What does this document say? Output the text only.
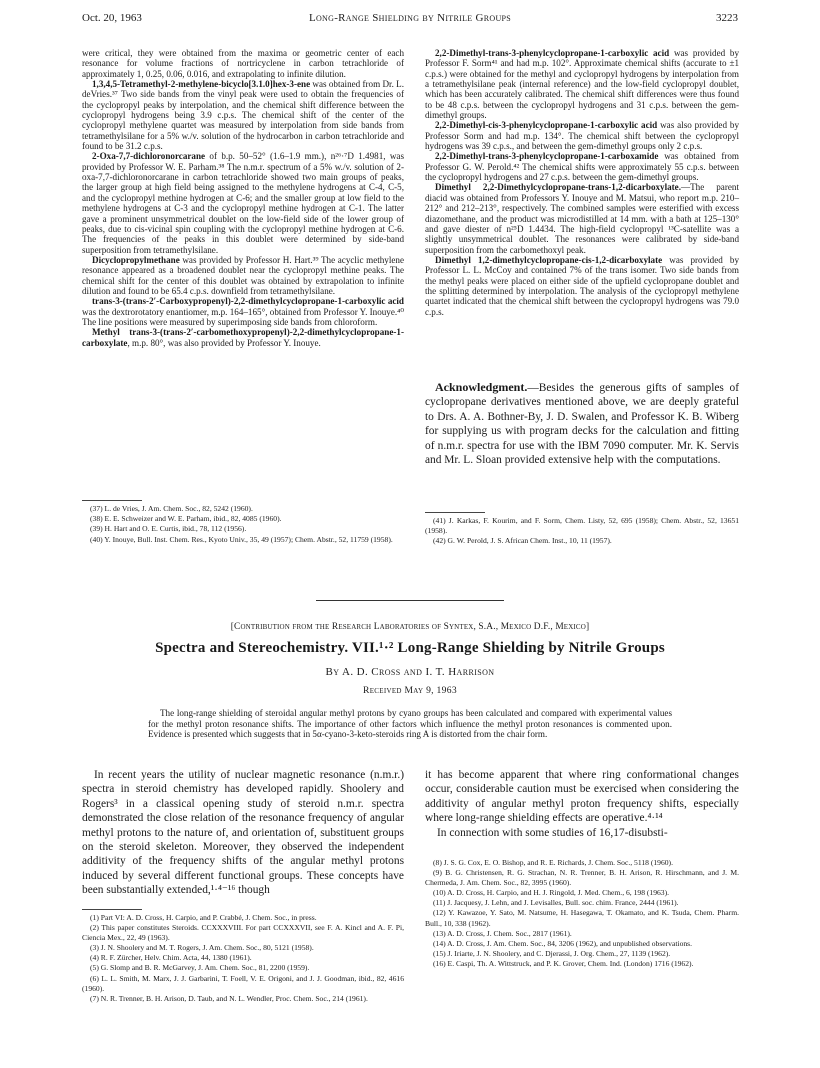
Oct. 20, 1963	Long-Range Shielding by Nitrile Groups	3223

were critical, they were obtained from the maxima or geometric center of each resonance for volume fractions of nortricyclene in carbon tetrachloride of approximately 1, 0.25, 0.06, 0.016, and extrapolating to infinite dilution.

1,3,4,5-Tetramethyl-2-methylene-bicyclo[3.1.0]hex-3-ene was obtained from Dr. L. deVries.³⁷ Two side bands from the vinyl peak were used to obtain the frequencies of the cyclopropyl peaks by interpolation, and the chemical shift difference between the cyclopropyl hydrogens being 3.9 c.p.s. The chemical shift of the center of the cyclopropyl methylene quartet was measured by interpolation from side bands from tetramethylsilane for a 5% w./v. solution of the hydrocarbon in carbon tetrachloride and found to be 31.2 c.p.s.

2-Oxa-7,7-dichloronorcarane of b.p. 50–52° (1.6–1.9 mm.), n²⁶·⁷D 1.4981, was provided by Professor W. E. Parham.³⁸ The n.m.r. spectrum of a 5% w./v. solution of 2-oxa-7,7-dichloronorcarane in carbon tetrachloride showed two main groups of peaks, the larger group at high field being assigned to the methylene hydrogens at C-4, C-5, and the cyclopropyl methine hydrogen at C-6; and the smaller group at low field to the methylene hydrogens at C-3 and the cyclopropyl methine hydrogen at C-1. The latter gave a prominent unsymmetrical doublet on the low-field side of the lower group of peaks, due to cis-vicinal spin coupling with the cyclopropyl methine hydrogen at C-6. The frequencies of the peaks in this doublet were determined by side-band superposition from tetramethylsilane.

Dicyclopropylmethane was provided by Professor H. Hart.³⁹ The acyclic methylene resonance appeared as a broadened doublet near the cyclopropyl methine peaks. The chemical shift for the center of this doublet was obtained by extrapolation to infinite dilution and found to be 65.4 c.p.s. downfield from tetramethylsilane.

trans-3-(trans-2′-Carboxypropenyl)-2,2-dimethylcyclopropane-1-carboxylic acid was the dextrorotatory enantiomer, m.p. 164–165°, obtained from Professor Y. Inouye.⁴⁰ The line positions were measured by superimposing side bands from chloroform.

Methyl trans-3-(trans-2′-carbomethoxypropenyl)-2,2-dimethylcyclopropane-1-carboxylate, m.p. 80°, was also provided by Professor Y. Inouye.

(37) L. de Vries, J. Am. Chem. Soc., 82, 5242 (1960).

(38) E. E. Schweizer and W. E. Parham, ibid., 82, 4085 (1960).

(39) H. Hart and O. E. Curtis, ibid., 78, 112 (1956).

(40) Y. Inouye, Bull. Inst. Chem. Res., Kyoto Univ., 35, 49 (1957); Chem. Abstr., 52, 11759 (1958).

2,2-Dimethyl-trans-3-phenylcyclopropane-1-carboxylic acid was provided by Professor F. Sorm⁴¹ and had m.p. 102°. Approximate chemical shifts (accurate to ±1 c.p.s.) were obtained for the methyl and cyclopropyl hydrogens by interpolation from a tetramethylsilane peak (internal reference) and the low-field cyclopropyl doublet, which has been accurately calibrated. The chemical shift differences were thus found to be 48 c.p.s. between the cyclopropyl hydrogens and 31 c.p.s. between the gem-dimethyl groups.

2,2-Dimethyl-cis-3-phenylcyclopropane-1-carboxylic acid was also provided by Professor Sorm and had m.p. 134°. The chemical shift between the cyclopropyl hydrogens was 39 c.p.s., and between the gem-dimethyl groups only 2 c.p.s.

2,2-Dimethyl-trans-3-phenylcyclopropane-1-carboxamide was obtained from Professor G. W. Perold.⁴² The chemical shifts were approximately 55 c.p.s. between the cyclopropyl hydrogens and 27 c.p.s. between the gem-dimethyl groups.

Dimethyl 2,2-Dimethylcyclopropane-trans-1,2-dicarboxylate.—The parent diacid was obtained from Professors Y. Inouye and M. Matsui, who report m.p. 210–212° and 212–213°, respectively. The combined samples were esterified with excess diazomethane, and the product was microdistilled at 14 mm. with a bath at 125–130° and gave diester of n²⁵D 1.4434. The high-field cyclopropyl ¹³C-satellite was a slightly unsymmetrical doublet. The resonances were calibrated by side-band superposition from the carbomethoxyl peak.

Dimethyl 1,2-dimethylcyclopropane-cis-1,2-dicarboxylate was provided by Professor L. L. McCoy and contained 7% of the trans isomer. Two side bands from the methyl peaks were placed on either side of the upfield cyclopropane doublet and the splitting determined by interpolation. The analysis of the cyclopropyl methylene quartet indicated that the chemical shift between the cyclopropyl hydrogens was 79.0 c.p.s.

Acknowledgment.—Besides the generous gifts of samples of cyclopropane derivatives mentioned above, we are deeply grateful to Drs. A. A. Bothner-By, J. D. Swalen, and Professor K. B. Wiberg for supplying us with program decks for the calculation and fitting of n.m.r. spectra for use with the IBM 7090 computer. Mr. K. Servis and Mr. L. Sloan provided extensive help with the computations.

(41) J. Karkas, F. Kourim, and F. Sorm, Chem. Listy, 52, 695 (1958); Chem. Abstr., 52, 13651 (1958).

(42) G. W. Perold, J. S. African Chem. Inst., 10, 11 (1957).

[Contribution from the Research Laboratories of Syntex, S.A., Mexico D.F., Mexico]
Spectra and Stereochemistry. VII.¹·² Long-Range Shielding by Nitrile Groups
By A. D. Cross and I. T. Harrison
Received May 9, 1963
The long-range shielding of steroidal angular methyl protons by cyano groups has been calculated and compared with experimental values for the methyl proton resonance shifts. The importance of other factors which influence the methyl proton resonances is commented upon. Evidence is presented which suggests that in 5α-cyano-3-keto-steroids ring A is distorted from the chair form.

In recent years the utility of nuclear magnetic resonance (n.m.r.) spectra in steroid chemistry has developed rapidly. Shoolery and Rogers³ in a classical opening study of steroid n.m.r. spectra demonstrated the close relation of the resonance frequency of angular methyl protons to the nature of, and orientation of, substituent groups on the steroid skeleton. Moreover, they observed the independent additivity of the frequency shifts of the angular methyl protons induced by several different functional groups. These concepts have been substantially extended,¹·⁴⁻¹⁶ though

(1) Part VI: A. D. Cross, H. Carpio, and P. Crabbé, J. Chem. Soc., in press.

(2) This paper constitutes Steroids. CCXXXVIII. For part CCXXXVII, see F. A. Kincl and A. F. Pi, Ciencia Mex., 22, 49 (1963).

(3) J. N. Shoolery and M. T. Rogers, J. Am. Chem. Soc., 80, 5121 (1958).

(4) R. F. Zürcher, Helv. Chim. Acta, 44, 1380 (1961).

(5) G. Slomp and B. R. McGarvey, J. Am. Chem. Soc., 81, 2200 (1959).

(6) L. L. Smith, M. Marx, J. J. Garbarini, T. Foell, V. E. Origoni, and J. J. Goodman, ibid., 82, 4616 (1960).

(7) N. R. Trenner, B. H. Arison, D. Taub, and N. L. Wendler, Proc. Chem. Soc., 214 (1961).

it has become apparent that where ring conformational changes occur, considerable caution must be exercised when considering the additivity of angular methyl proton frequency shifts, especially where long-range shielding effects are operative.⁴·¹⁴

In connection with some studies of 16,17-disubsti-

(8) J. S. G. Cox, E. O. Bishop, and R. E. Richards, J. Chem. Soc., 5118 (1960).

(9) B. G. Christensen, R. G. Strachan, N. R. Trenner, B. H. Arison, R. Hirschmann, and J. M. Chermeda, J. Am. Chem. Soc., 82, 3995 (1960).

(10) A. D. Cross, H. Carpio, and H. J. Ringold, J. Med. Chem., 6, 198 (1963).

(11) J. Jacquesy, J. Lehn, and J. Levisalles, Bull. soc. chim. France, 2444 (1961).

(12) Y. Kawazoe, Y. Sato, M. Natsume, H. Hasegawa, T. Okamato, and K. Tsuda, Chem. Pharm. Bull., 10, 338 (1962).

(13) A. D. Cross, J. Chem. Soc., 2817 (1961).

(14) A. D. Cross, J. Am. Chem. Soc., 84, 3206 (1962), and unpublished observations.

(15) J. Iriarte, J. N. Shoolery, and C. Djerassi, J. Org. Chem., 27, 1139 (1962).

(16) E. Caspi, Th. A. Wittstruck, and P. K. Grover, Chem. Ind. (London) 1716 (1962).
